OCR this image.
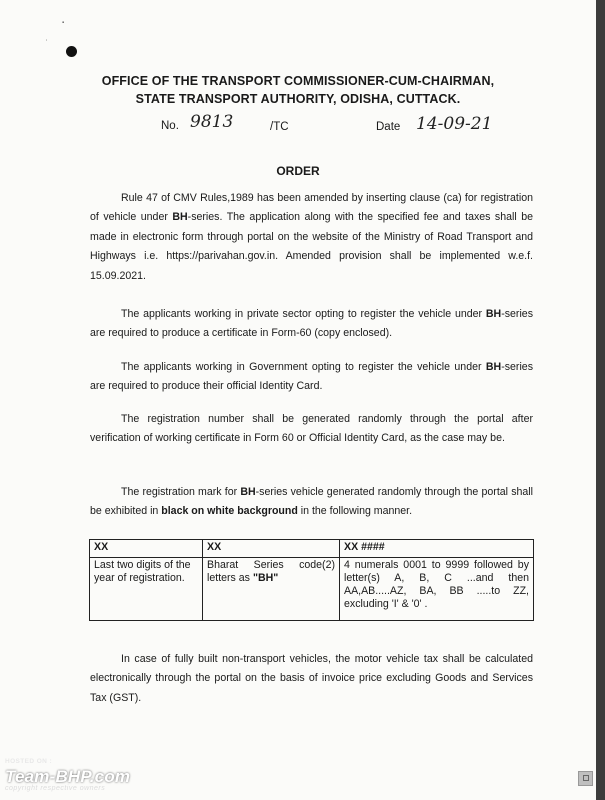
▪
ʼ
OFFICE OF THE TRANSPORT COMMISSIONER-CUM-CHAIRMAN,
STATE TRANSPORT AUTHORITY, ODISHA, CUTTACK.
No. 9813	/TC	Date 14-09-21
ORDER

Rule 47 of CMV Rules,1989 has been amended by inserting clause (ca) for registration of vehicle under BH-series. The application along with the specified fee and taxes shall be made in electronic form through portal on the website of the Ministry of Road Transport and Highways i.e. https://parivahan.gov.in. Amended provision shall be implemented w.e.f. 15.09.2021.

The applicants working in private sector opting to register the vehicle under BH-series are required to produce a certificate in Form-60 (copy enclosed).

The applicants working in Government opting to register the vehicle under BH-series are required to produce their official Identity Card.

The registration number shall be generated randomly through the portal after verification of working certificate in Form 60 or Official Identity Card, as the case may be.

The registration mark for BH-series vehicle generated randomly through the portal shall be exhibited in black on white background in the following manner.

XX	XX	XX ####
Last two digits of the year of registration.	Bharat Series code(2) letters as "BH"	4 numerals 0001 to 9999 followed by letter(s) A, B, C ...and then AA,AB.....AZ, BA, BB .....to ZZ, excluding 'I' & '0' .

In case of fully built non-transport vehicles, the motor vehicle tax shall be calculated electronically through the portal on the basis of invoice price excluding Goods and Services Tax (GST).

HOSTED ON :
Team-BHP.com
copyright respective owners
